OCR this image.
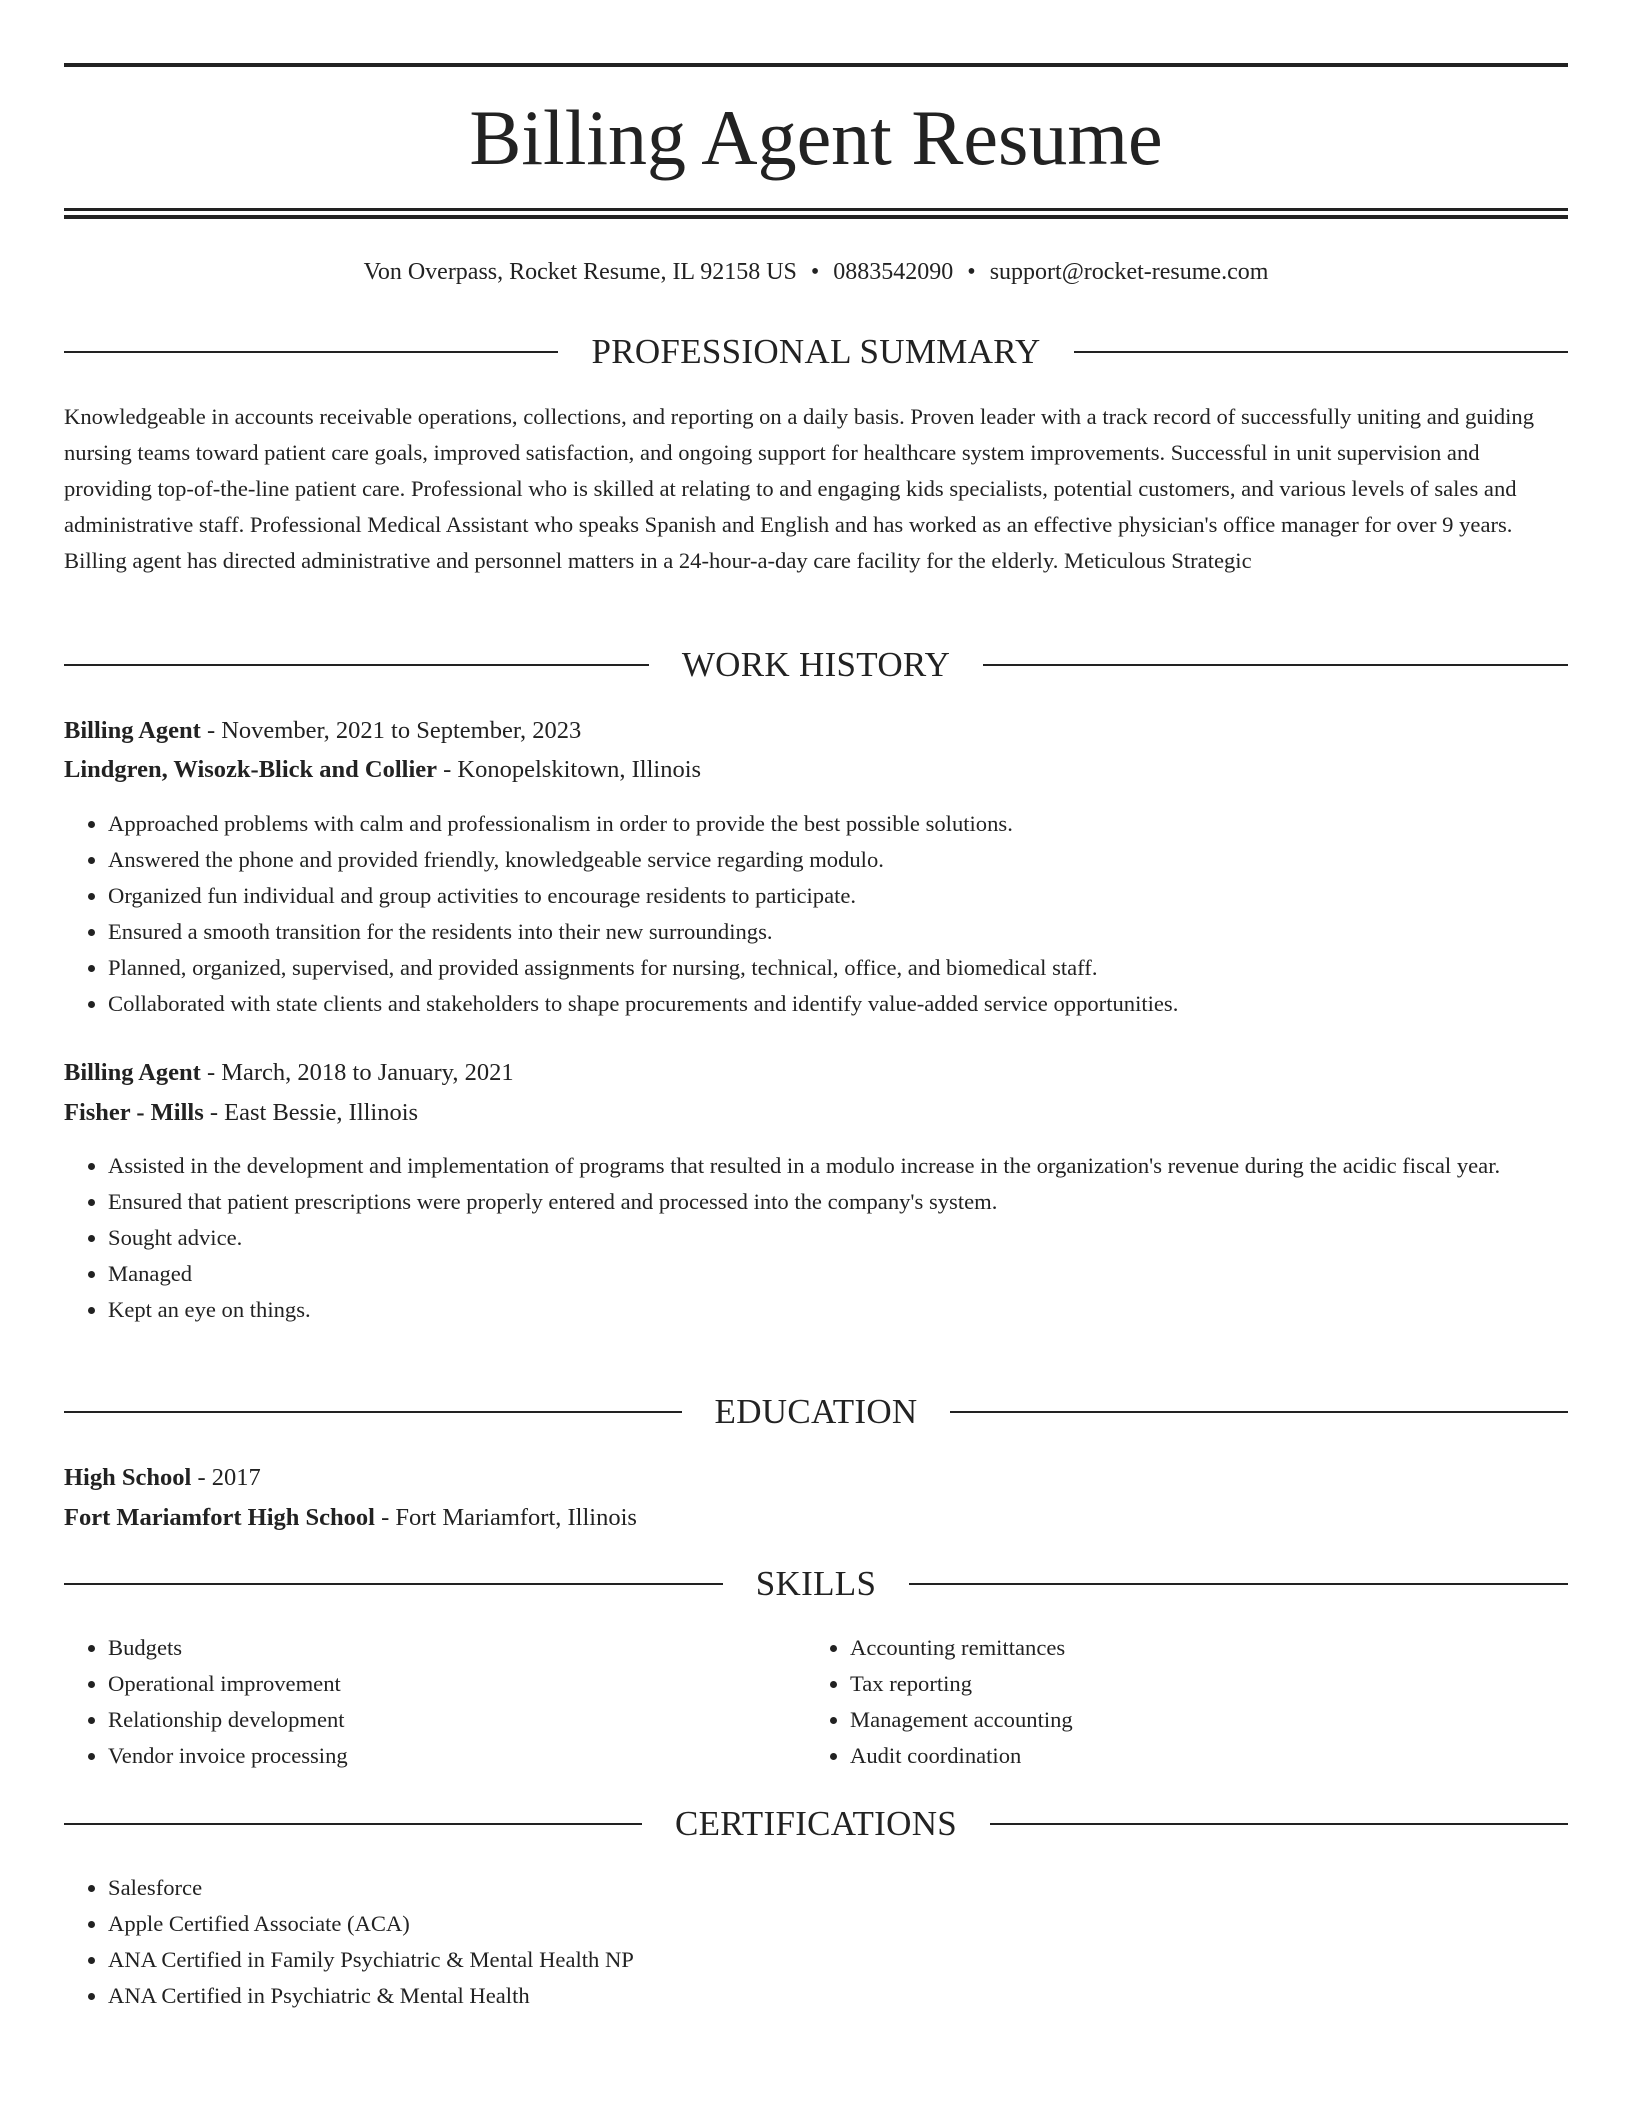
Billing Agent Resume
Von Overpass, Rocket Resume, IL 92158 US • 0883542090 • support@rocket-resume.com
PROFESSIONAL SUMMARY

Knowledgeable in accounts receivable operations, collections, and reporting on a daily basis. Proven leader with a track record of successfully uniting and guiding nursing teams toward patient care goals, improved satisfaction, and ongoing support for healthcare system improvements. Successful in unit supervision and providing top-of-the-line patient care. Professional who is skilled at relating to and engaging kids specialists, potential customers, and various levels of sales and administrative staff. Professional Medical Assistant who speaks Spanish and English and has worked as an effective physician's office manager for over 9 years. Billing agent has directed administrative and personnel matters in a 24-hour-a-day care facility for the elderly. Meticulous Strategic

WORK HISTORY
Billing Agent - November, 2021 to September, 2023
Lindgren, Wisozk-Blick and Collier - Konopelskitown, Illinois
• Approached problems with calm and professionalism in order to provide the best possible solutions.
• Answered the phone and provided friendly, knowledgeable service regarding modulo.
• Organized fun individual and group activities to encourage residents to participate.
• Ensured a smooth transition for the residents into their new surroundings.
• Planned, organized, supervised, and provided assignments for nursing, technical, office, and biomedical staff.
• Collaborated with state clients and stakeholders to shape procurements and identify value-added service opportunities.
Billing Agent - March, 2018 to January, 2021
Fisher - Mills - East Bessie, Illinois
• Assisted in the development and implementation of programs that resulted in a modulo increase in the organization's revenue during the acidic fiscal year.
• Ensured that patient prescriptions were properly entered and processed into the company's system.
• Sought advice.
• Managed
• Kept an eye on things.
EDUCATION
High School - 2017
Fort Mariamfort High School - Fort Mariamfort, Illinois
SKILLS
• Budgets
• Operational improvement
• Relationship development
• Vendor invoice processing
• Accounting remittances
• Tax reporting
• Management accounting
• Audit coordination
CERTIFICATIONS
• Salesforce
• Apple Certified Associate (ACA)
• ANA Certified in Family Psychiatric & Mental Health NP
• ANA Certified in Psychiatric & Mental Health
